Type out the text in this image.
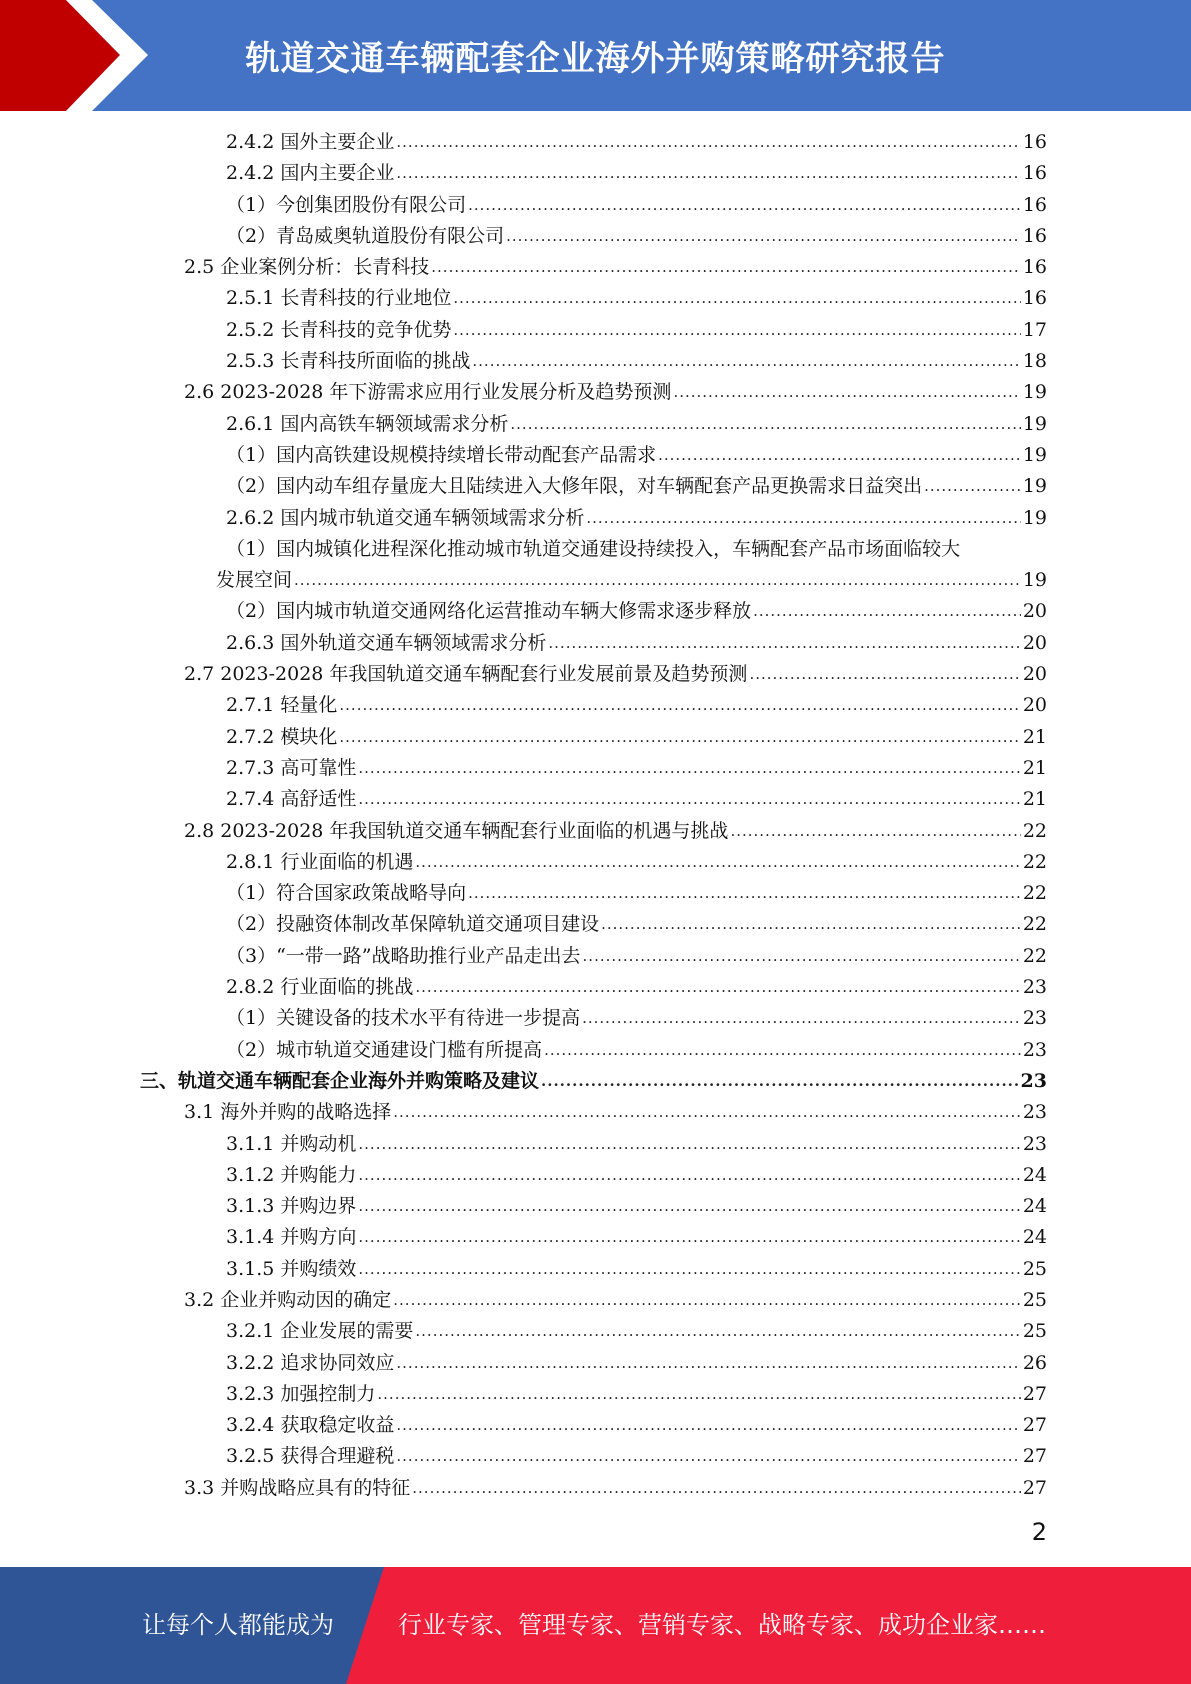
轨道交通车辆配套企业海外并购策略研究报告
2.4.2 国外主要企业 .....	16
2.4.2 国内主要企业 .....	16
（1）今创集团股份有限公司 .....	16
（2）青岛威奥轨道股份有限公司 .....	16
2.5 企业案例分析：长青科技 .....	16
2.5.1 长青科技的行业地位 .....	16
2.5.2 长青科技的竞争优势 .....	17
2.5.3 长青科技所面临的挑战 .....	18
2.6 2023-2028 年下游需求应用行业发展分析及趋势预测 .....	19
2.6.1 国内高铁车辆领域需求分析 .....	19
（1）国内高铁建设规模持续增长带动配套产品需求 .....	19
（2）国内动车组存量庞大且陆续进入大修年限，对车辆配套产品更换需求日益突出 .....	19
2.6.2 国内城市轨道交通车辆领域需求分析 .....	19
（1）国内城镇化进程深化推动城市轨道交通建设持续投入，车辆配套产品市场面临较大
发展空间 .....	19
（2）国内城市轨道交通网络化运营推动车辆大修需求逐步释放 .....	20
2.6.3 国外轨道交通车辆领域需求分析 .....	20
2.7 2023-2028 年我国轨道交通车辆配套行业发展前景及趋势预测 .....	20
2.7.1 轻量化 .....	20
2.7.2 模块化 .....	21
2.7.3 高可靠性 .....	21
2.7.4 高舒适性 .....	21
2.8 2023-2028 年我国轨道交通车辆配套行业面临的机遇与挑战 .....	22
2.8.1 行业面临的机遇 .....	22
（1）符合国家政策战略导向 .....	22
（2）投融资体制改革保障轨道交通项目建设 .....	22
（3）“一带一路”战略助推行业产品走出去 .....	22
2.8.2 行业面临的挑战 .....	23
（1）关键设备的技术水平有待进一步提高 .....	23
（2）城市轨道交通建设门槛有所提高 .....	23
三、轨道交通车辆配套企业海外并购策略及建议 .....	23
3.1 海外并购的战略选择 .....	23
3.1.1 并购动机 .....	23
3.1.2 并购能力 .....	24
3.1.3 并购边界 .....	24
3.1.4 并购方向 .....	24
3.1.5 并购绩效 .....	25
3.2 企业并购动因的确定 .....	25
3.2.1 企业发展的需要 .....	25
3.2.2 追求协同效应 .....	26
3.2.3 加强控制力 .....	27
3.2.4 获取稳定收益 .....	27
3.2.5 获得合理避税 .....	27
3.3 并购战略应具有的特征 .....	27
2
让每个人都能成为	行业专家、管理专家、营销专家、战略专家、成功企业家……
